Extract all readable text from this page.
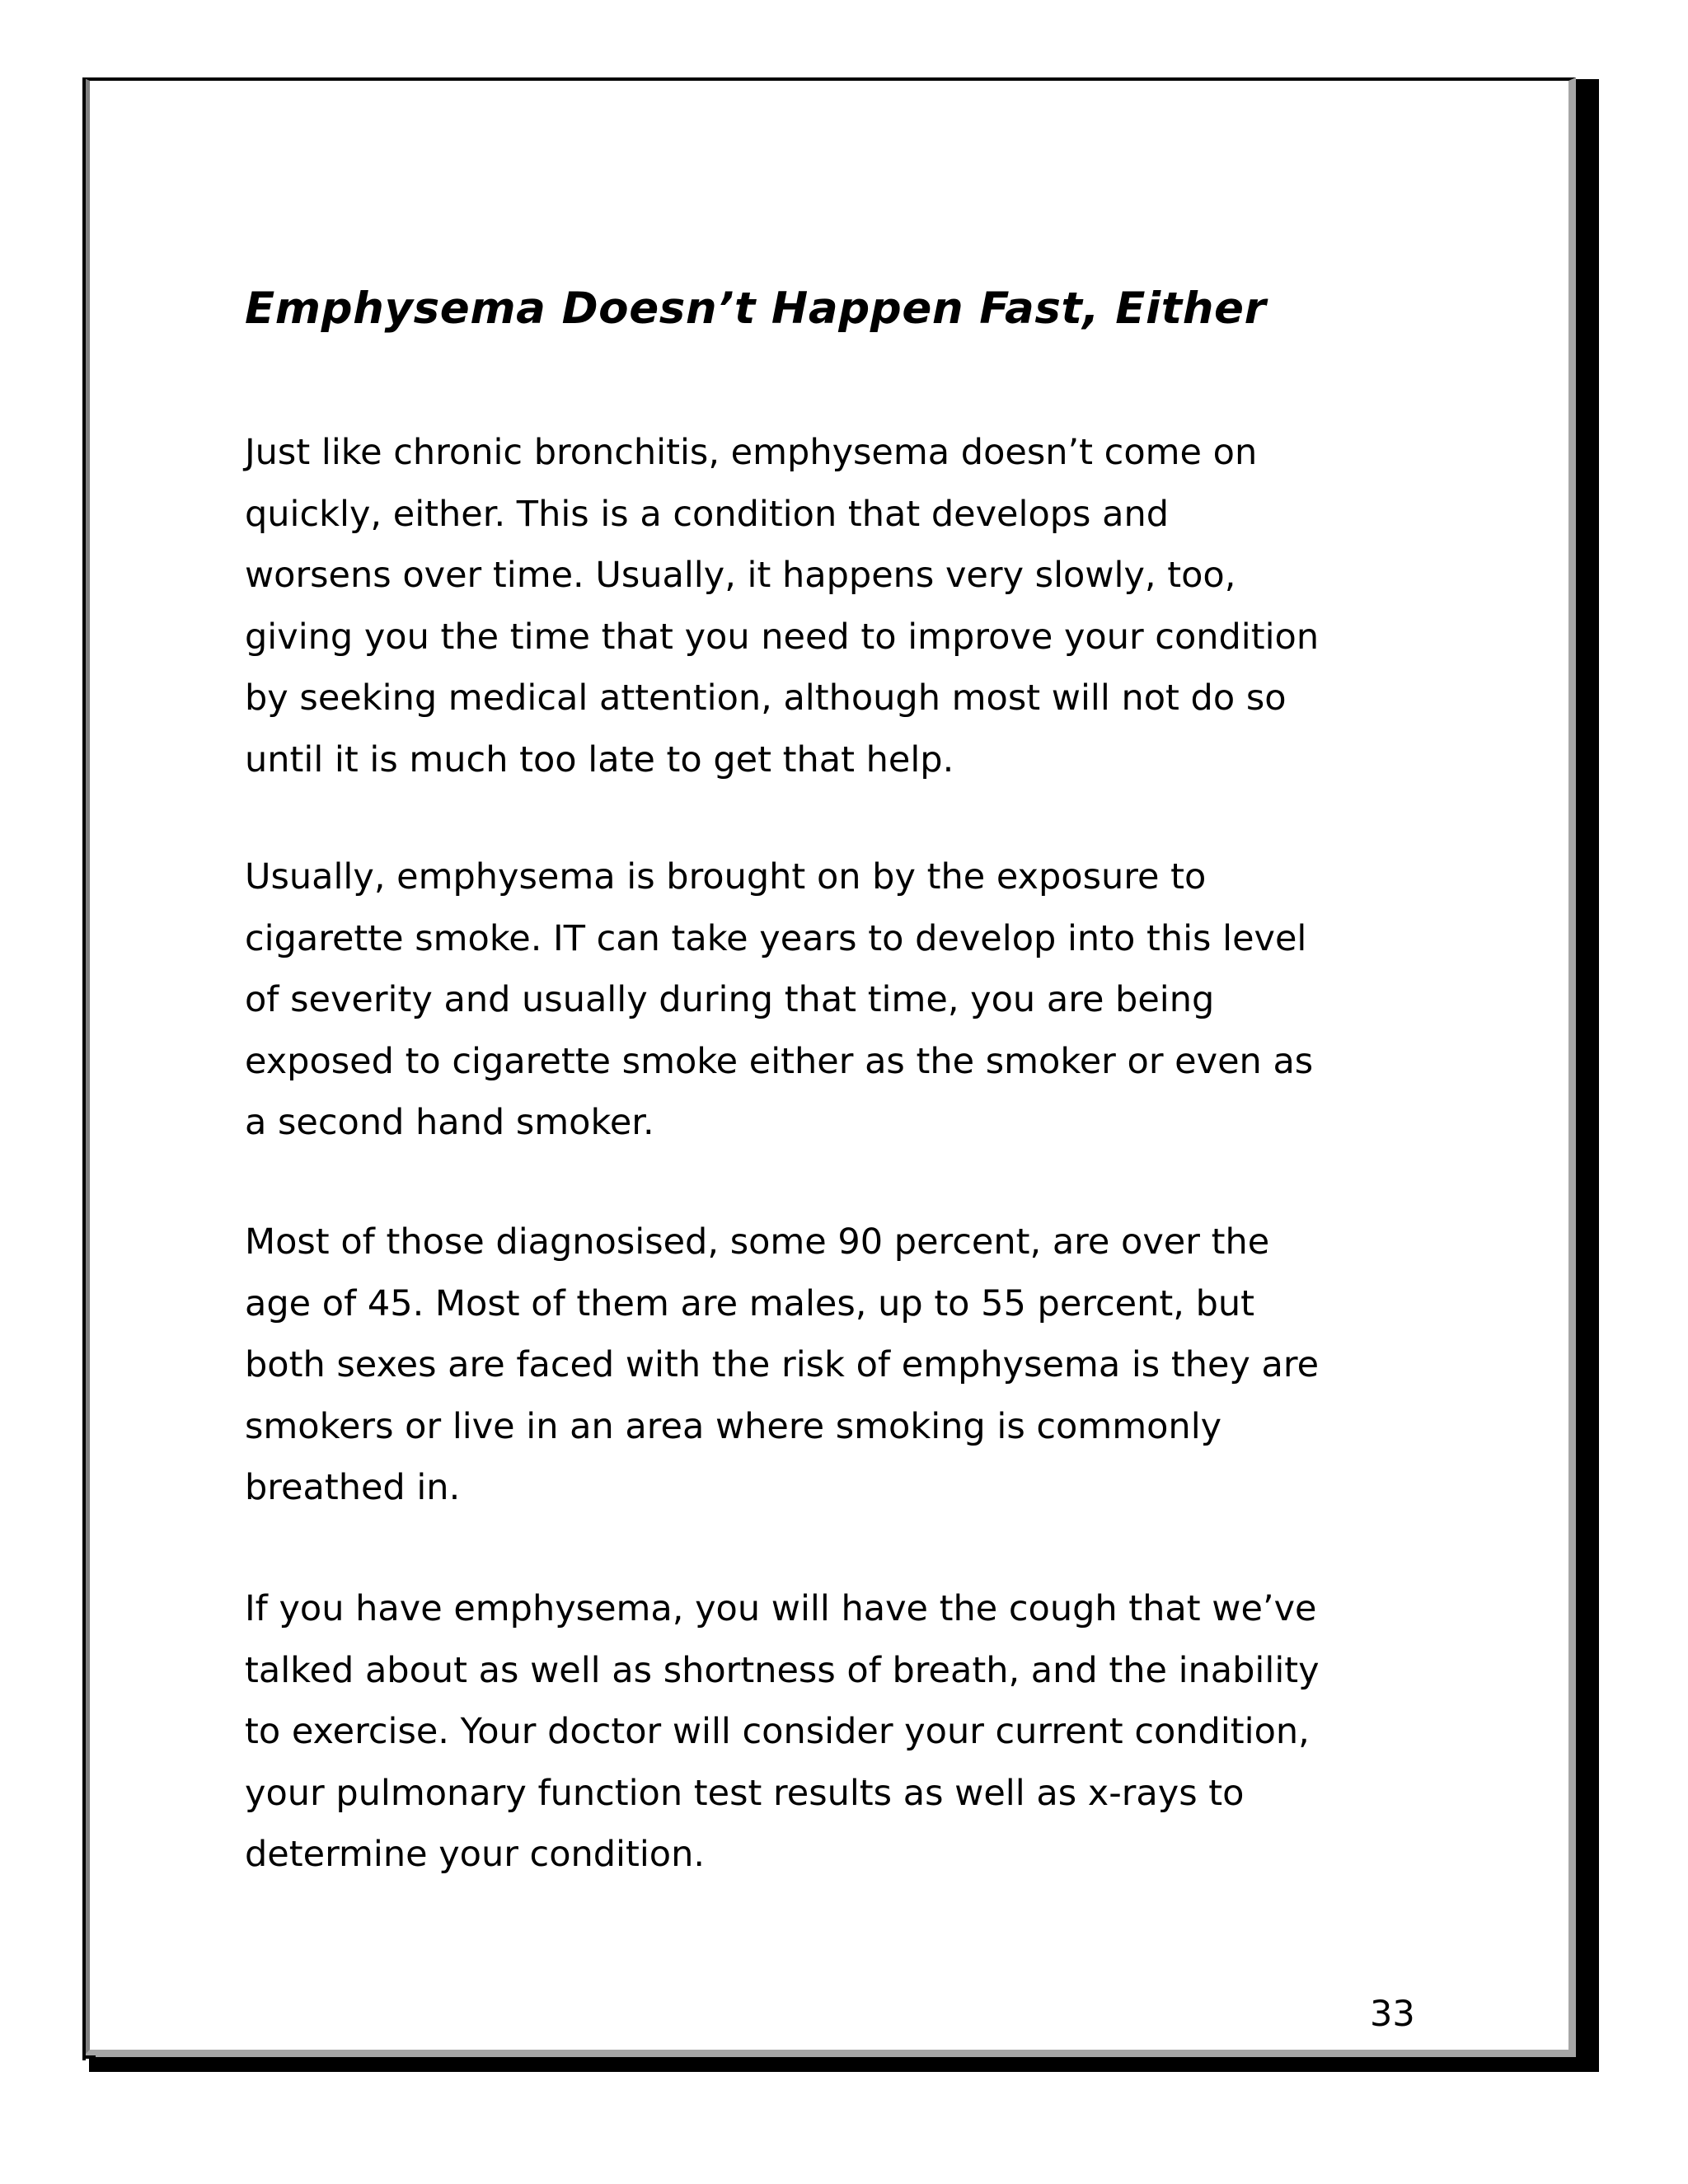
Emphysema Doesn’t Happen Fast, Either

Just like chronic bronchitis, emphysema doesn’t come on
quickly, either. This is a condition that develops and
worsens over time. Usually, it happens very slowly, too,
giving you the time that you need to improve your condition
by seeking medical attention, although most will not do so
until it is much too late to get that help.

Usually, emphysema is brought on by the exposure to
cigarette smoke. IT can take years to develop into this level
of severity and usually during that time, you are being
exposed to cigarette smoke either as the smoker or even as
a second hand smoker.

Most of those diagnosised, some 90 percent, are over the
age of 45. Most of them are males, up to 55 percent, but
both sexes are faced with the risk of emphysema is they are
smokers or live in an area where smoking is commonly
breathed in.

If you have emphysema, you will have the cough that we’ve
talked about as well as shortness of breath, and the inability
to exercise. Your doctor will consider your current condition,
your pulmonary function test results as well as x-rays to
determine your condition.

33
